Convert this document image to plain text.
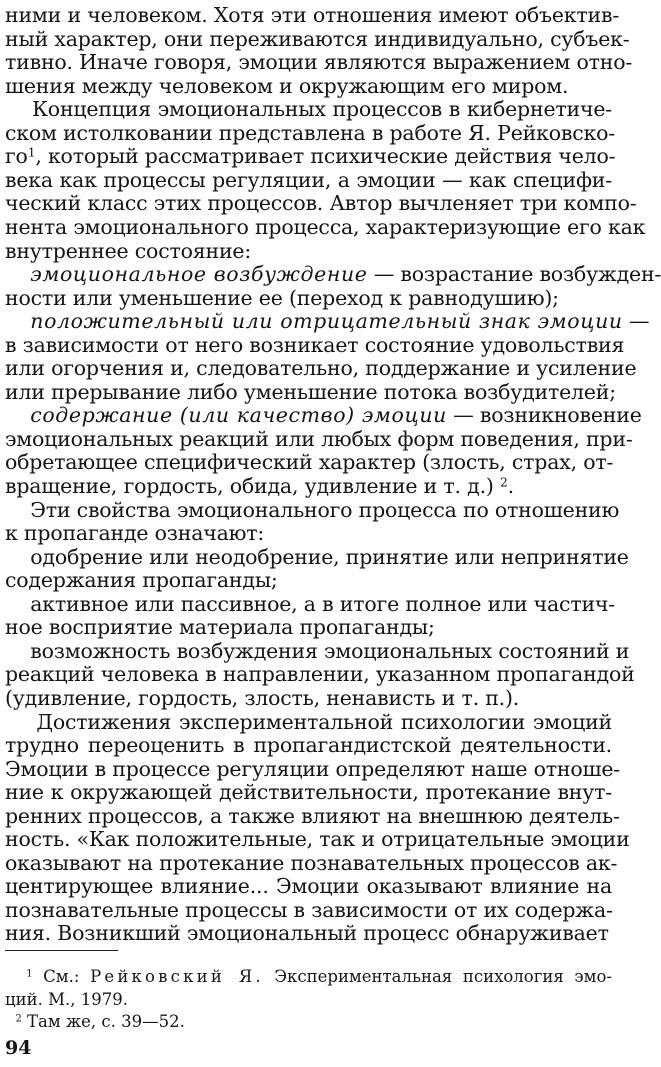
ними и человеком. Хотя эти отношения имеют объектив-
ный характер, они переживаются индивидуально, субъек-
тивно. Иначе говоря, эмоции являются выражением отно-
шения между человеком и окружающим его миром.
Концепция эмоциональных процессов в кибернетиче-
ском истолковании представлена в работе Я. Рейковско-
$го^1$, который рассматривает психические действия чело-
века как процессы регуляции, а эмоции — как специфи-
ческий класс этих процессов. Автор вычленяет три компо-
нента эмоционального процесса, характеризующие его как
внутреннее состояние:
эмоциональное возбуждение — возрастание возбужден-
ности или уменьшение ее (переход к равнодушию);
положительный или отрицательный знак эмоции —
в зависимости от него возникает состояние удовольствия
или огорчения и, следовательно, поддержание и усиление
или прерывание либо уменьшение потока возбудителей;
содержание (или качество) эмоции — возникновение
эмоциональных реакций или любых форм поведения, при-
обретающее специфический характер (злость, страх, от-
вращение, гордость, обида, удивление и т. д.) $^2$.
Эти свойства эмоционального процесса по отношению
к пропаганде означают:
одобрение или неодобрение, принятие или непринятие
содержания пропаганды;
активное или пассивное, а в итоге полное или частич-
ное восприятие материала пропаганды;
возможность возбуждения эмоциональных состояний и
реакций человека в направлении, указанном пропагандой
(удивление, гордость, злость, ненависть и т. п.).
Достижения экспериментальной психологии эмоций
трудно переоценить в пропагандистской деятельности.
Эмоции в процессе регуляции определяют наше отноше-
ние к окружающей действительности, протекание внут-
ренних процессов, а также влияют на внешнюю деятель-
ность. «Как положительные, так и отрицательные эмоции
оказывают на протекание познавательных процессов ак-
центирующее влияние... Эмоции оказывают влияние на
познавательные процессы в зависимости от их содержа-
ния. Возникший эмоциональный процесс обнаруживает
$^1$ См.: Рейковский Я. Экспериментальная психология эмо-
ций. М., 1979.
$^2$ Там же, с. 39—52.
94
